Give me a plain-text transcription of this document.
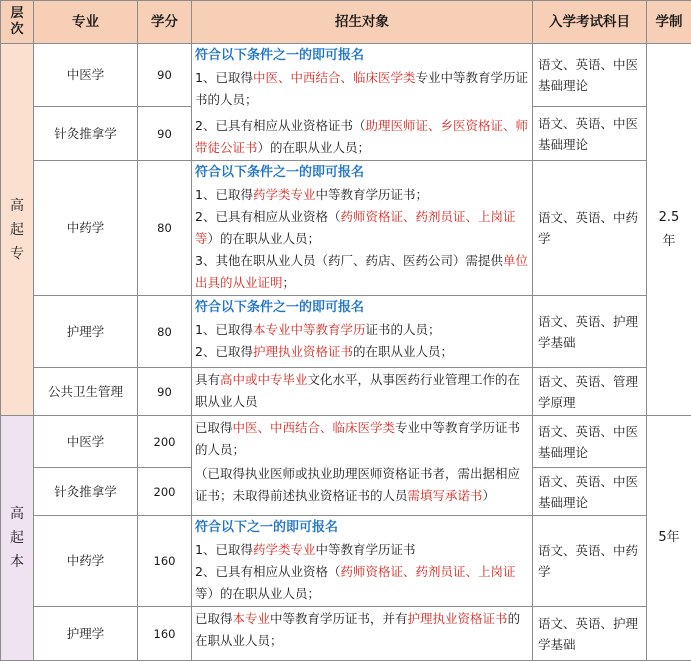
层
次	专业	学分	招生对象	入学考试科目	学制

高
起
专	中医学	90	符合以下条件之一的即可报名
1、已取得中医、中西结合、临床医学类专业中等教育学历证书的人员；
2、已具有相应从业资格证书（助理医师证、乡医资格证、师带徒公证书）的在职从业人员；	语文、英语、中医基础理论	2.5
年

	针灸推拿学	90		语文、英语、中医基础理论	
	中药学	80	符合以下条件之一的即可报名
1、已取得药学类专业中等教育学历证书；
2、已具有相应从业资格（药师资格证、药剂员证、上岗证等）的在职从业人员；
3、其他在职从业人员（药厂、药店、医药公司）需提供单位出具的从业证明；	语文、英语、中药学	
	护理学	80	符合以下条件之一的即可报名
1、已取得本专业中等教育学历证书的人员；
2、已取得护理执业资格证书的在职从业人员；	语文、英语、护理学基础	
	公共卫生管理	90	具有高中或中专毕业文化水平，从事医药行业管理工作的在职从业人员	语文、英语、管理学原理	

高
起
本	中医学	200	已取得中医、中西结合、临床医学类专业中等教育学历证书的人员；
（已取得执业医师或执业助理医师资格证书者，需出据相应证书；未取得前述执业资格证书的人员需填写承诺书）	语文、英语、中医基础理论	5年
	针灸推拿学	200		语文、英语、中医基础理论	
	中药学	160	符合以下之一的即可报名
1、已取得药学类专业中等教育学历证书
2、已具有相应从业资格（药师资格证、药剂员证、上岗证等）的在职从业人员；	语文、英语、中药学	
	护理学	160	已取得本专业中等教育学历证书，并有护理执业资格证书的在职从业人员；	语文、英语、护理学基础	
